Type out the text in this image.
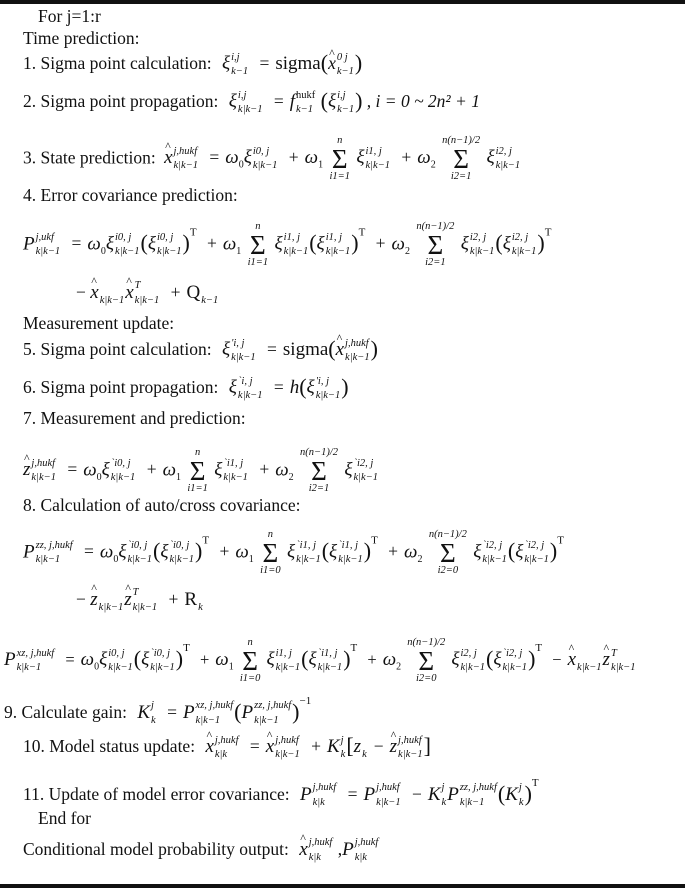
For j=1:r
Time prediction:
1. Sigma point calculation: ξ i,j
k−1 = sigma(^ x 0 j
k−1 )
2. Sigma point propagation: ξ i,j
k|k−1 = f hukf
k−1 (ξ i,j
k−1 ) , i = 0 ~ 2n² + 1
3. State prediction: ^ x j,hukf
$k|k-1 = \omega_0\xi$ i0, j
$k|k-1 + \omega_1$
n
Σ
i1=1
ξ i1, j
$k|k-1 + \omega_2$
n(n−1)/2
Σ
i2=1
ξ i2, j
k|k−1
4. Error covariance prediction:
P j,ukf
$k|k-1 = \omega_0\xi$ i0, j
k|k−1 (ξ i0, j
k|k−1 )$^T + \omega_1$
n
Σ
i1=1
ξ i1, j
k|k−1 (ξ i1, j
k|k−1 )$^T + \omega_2$
n(n−1)/2
Σ
i2=1
ξ i2, j
k|k−1 (ξ i2, j
k|k−1 )$^T$
− ^ x
k|k−1 ^ x T
k|k−1 + Q
k−1
Measurement update:
5. Sigma point calculation: ξ 'i, j
k|k−1 = sigma(^ x j,hukf
k|k−1 )
6. Sigma point propagation: ξ `i, j
k|k−1 = h(ξ 'i, j
k|k−1 )
7. Measurement and prediction:
^ z j,hukf
$k|k-1 = \omega_0\xi$ `i0, j
$k|k-1 + \omega_1$
n
Σ
i1=1
ξ `i1, j
$k|k-1 + \omega_2$
n(n−1)/2
Σ
i2=1
ξ `i2, j
k|k−1
8. Calculation of auto/cross covariance:
P zz, j,hukf
k|k−1	= $\omega_0\xi$ `i0, j
k|k−1 (ξ `i0, j
k|k−1 )$^T + \omega_1$
n
Σ
i1=0
ξ `i1, j
k|k−1 (ξ `i1, j
k|k−1 )$^T + \omega_2$
n(n−1)/2
Σ
i2=0
ξ `i2, j
k|k−1 (ξ `i2, j
k|k−1 )$^T$
− ^ z
k|k−1 ^ z T
k|k−1 + R
k
P xz, j,hukf
k|k−1	= $\omega_0\xi$ i0, j
k|k−1 (ξ `i0, j
k|k−1 )$^T + \omega_1$
n
Σ
i1=0
ξ i1, j
k|k−1 (ξ `i1, j
k|k−1 )$^T + \omega_2$
n(n−1)/2
Σ
i2=0
ξ i2, j
k|k−1 (ξ `i2, j
k|k−1 )$^T$ − ^ x
k|k−1 ^ z T
k|k−1
9. Calculate gain: K j
k = P xz, j,hukf
k|k−1 (P zz, j,hukf
k|k−1 )$^{-1}$
10. Model status update: ^ x j,hukf
k|k	= ^ x j,hukf
k|k−1 + K j
k [z
k − ^ z j,hukf
k|k−1 ]
11. Update of model error covariance: P j,hukf
k|k	= P j,hukf
k|k−1 − K j
k P zz, j,hukf
k|k−1 (K j
k )$^T$
End for
Conditional model probability output: ^ x j,hukf
k|k ,P j,hukf
k|k
